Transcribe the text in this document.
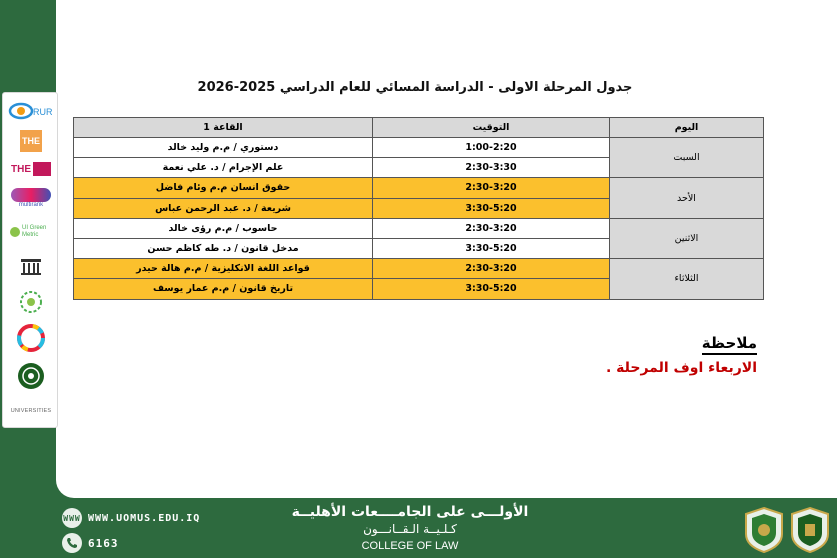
RUR
THE
THE
multirank
UI Green Metric
UNIVERSITIES
جدول المرحلة الاولى - الدراسة المسائي للعام الدراسي 2025-2026
اليوم	التوقيت	القاعة 1
السبت	1:00-2:20	دستوري / م.م وليد خالد
	2:30-3:30	علم الإجرام / د. علي نعمة
الأحد	2:30-3:20	حقوق انسان م.م وئام فاضل
	3:30-5:20	شريعة / د. عبد الرحمن عباس
الاثنين	2:30-3:20	حاسوب / م.م رؤى خالد
	3:30-5:20	مدخل قانون / د. طه كاظم حسن
الثلاثاء	2:30-3:20	قواعد اللغة الانكليزية / م.م هالة حيدر
	3:30-5:20	تاريخ قانون / م.م عمار يوسف
ملاحظة
الاربعاء اوف المرحلة .
WWW WWW.UOMUS.EDU.IQ
6163
الأولـــى على الجامــــعات الأهليــة
كـلـيــة الـقــانـــون
COLLEGE OF LAW
